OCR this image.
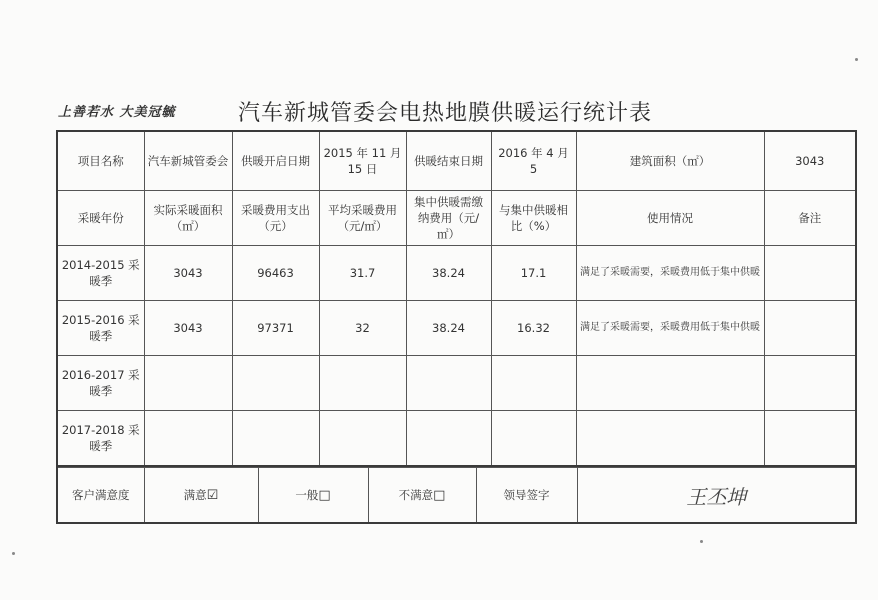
上善若水 大美冠毓	汽车新城管委会电热地膜供暖运行统计表
项目名称	汽车新城管委会	供暖开启日期	2015 年 11 月 15 日	供暖结束日期	2016 年 4 月 5	建筑面积（㎡）	3043
采暖年份	实际采暖面积（㎡）	采暖费用支出（元）	平均采暖费用（元/㎡）	集中供暖需缴纳费用（元/㎡）	与集中供暖相比（%）	使用情况	备注
2014-2015 采暖季	3043	96463	31.7	38.24	17.1	满足了采暖需要，采暖费用低于集中供暖	
2015-2016 采暖季	3043	97371	32	38.24	16.32	满足了采暖需要，采暖费用低于集中供暖	
2016-2017 采暖季							
2017-2018 采暖季							
客户满意度	满意☑	一般□	不满意□	领导签字	王丕坤
